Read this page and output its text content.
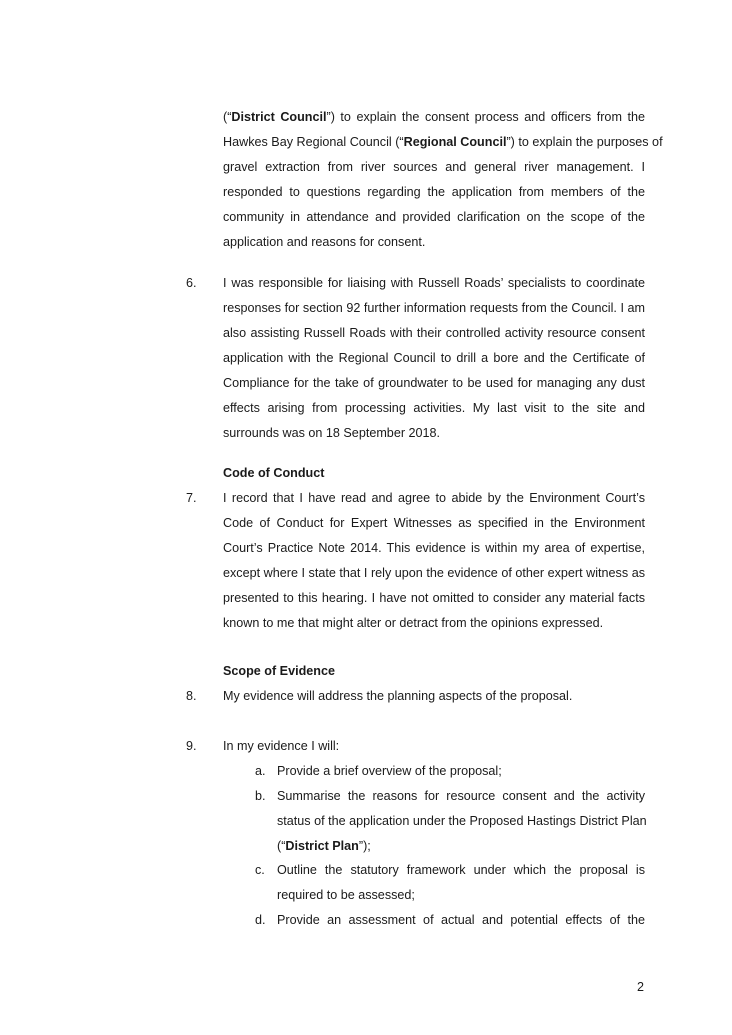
(“District Council”) to explain the consent process and officers from the
Hawkes Bay Regional Council (“Regional Council”) to explain the purposes of
gravel extraction from river sources and general river management. I
responded to questions regarding the application from members of the
community in attendance and provided clarification on the scope of the
application and reasons for consent.
6. I was responsible for liaising with Russell Roads’ specialists to coordinate
responses for section 92 further information requests from the Council. I am
also assisting Russell Roads with their controlled activity resource consent
application with the Regional Council to drill a bore and the Certificate of
Compliance for the take of groundwater to be used for managing any dust
effects arising from processing activities. My last visit to the site and
surrounds was on 18 September 2018.
Code of Conduct
7. I record that I have read and agree to abide by the Environment Court’s
Code of Conduct for Expert Witnesses as specified in the Environment
Court’s Practice Note 2014. This evidence is within my area of expertise,
except where I state that I rely upon the evidence of other expert witness as
presented to this hearing. I have not omitted to consider any material facts
known to me that might alter or detract from the opinions expressed.
Scope of Evidence
8. My evidence will address the planning aspects of the proposal.
9. In my evidence I will:
a. Provide a brief overview of the proposal;
b. Summarise the reasons for resource consent and the activity
status of the application under the Proposed Hastings District Plan
(“District Plan”);
c. Outline the statutory framework under which the proposal is
required to be assessed;
d. Provide an assessment of actual and potential effects of the
2
